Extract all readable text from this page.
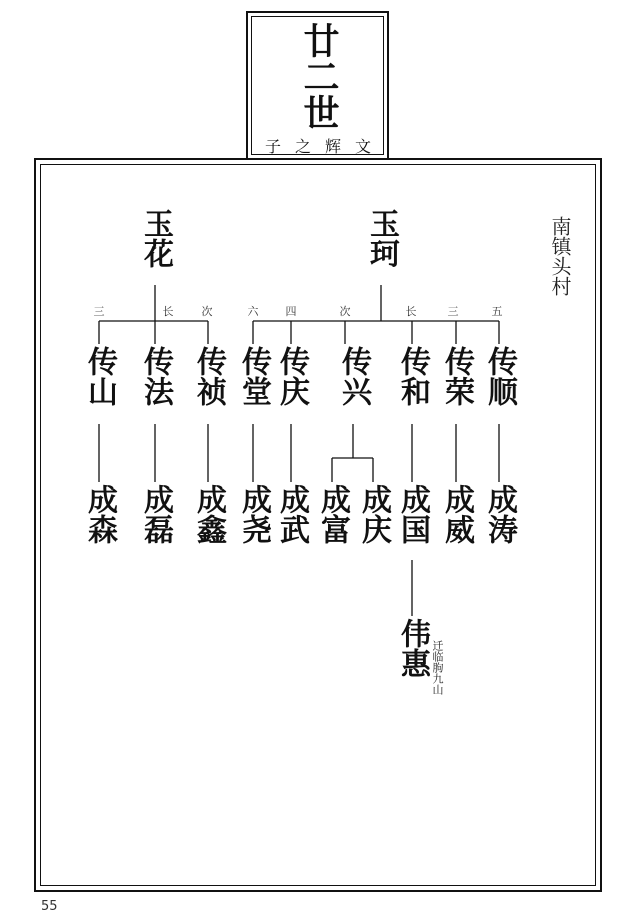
廿二世
子之辉文
南镇头村
玉花	玉珂
三	长	次	六	四	次	长	三	五
传山 传法 传祯 传堂 传庆 传兴 传和 传荣 传顺
成森 成磊 成鑫 成尧 成武 成富 成庆 成国 成威 成涛
伟惠 迁临朐九山
55
